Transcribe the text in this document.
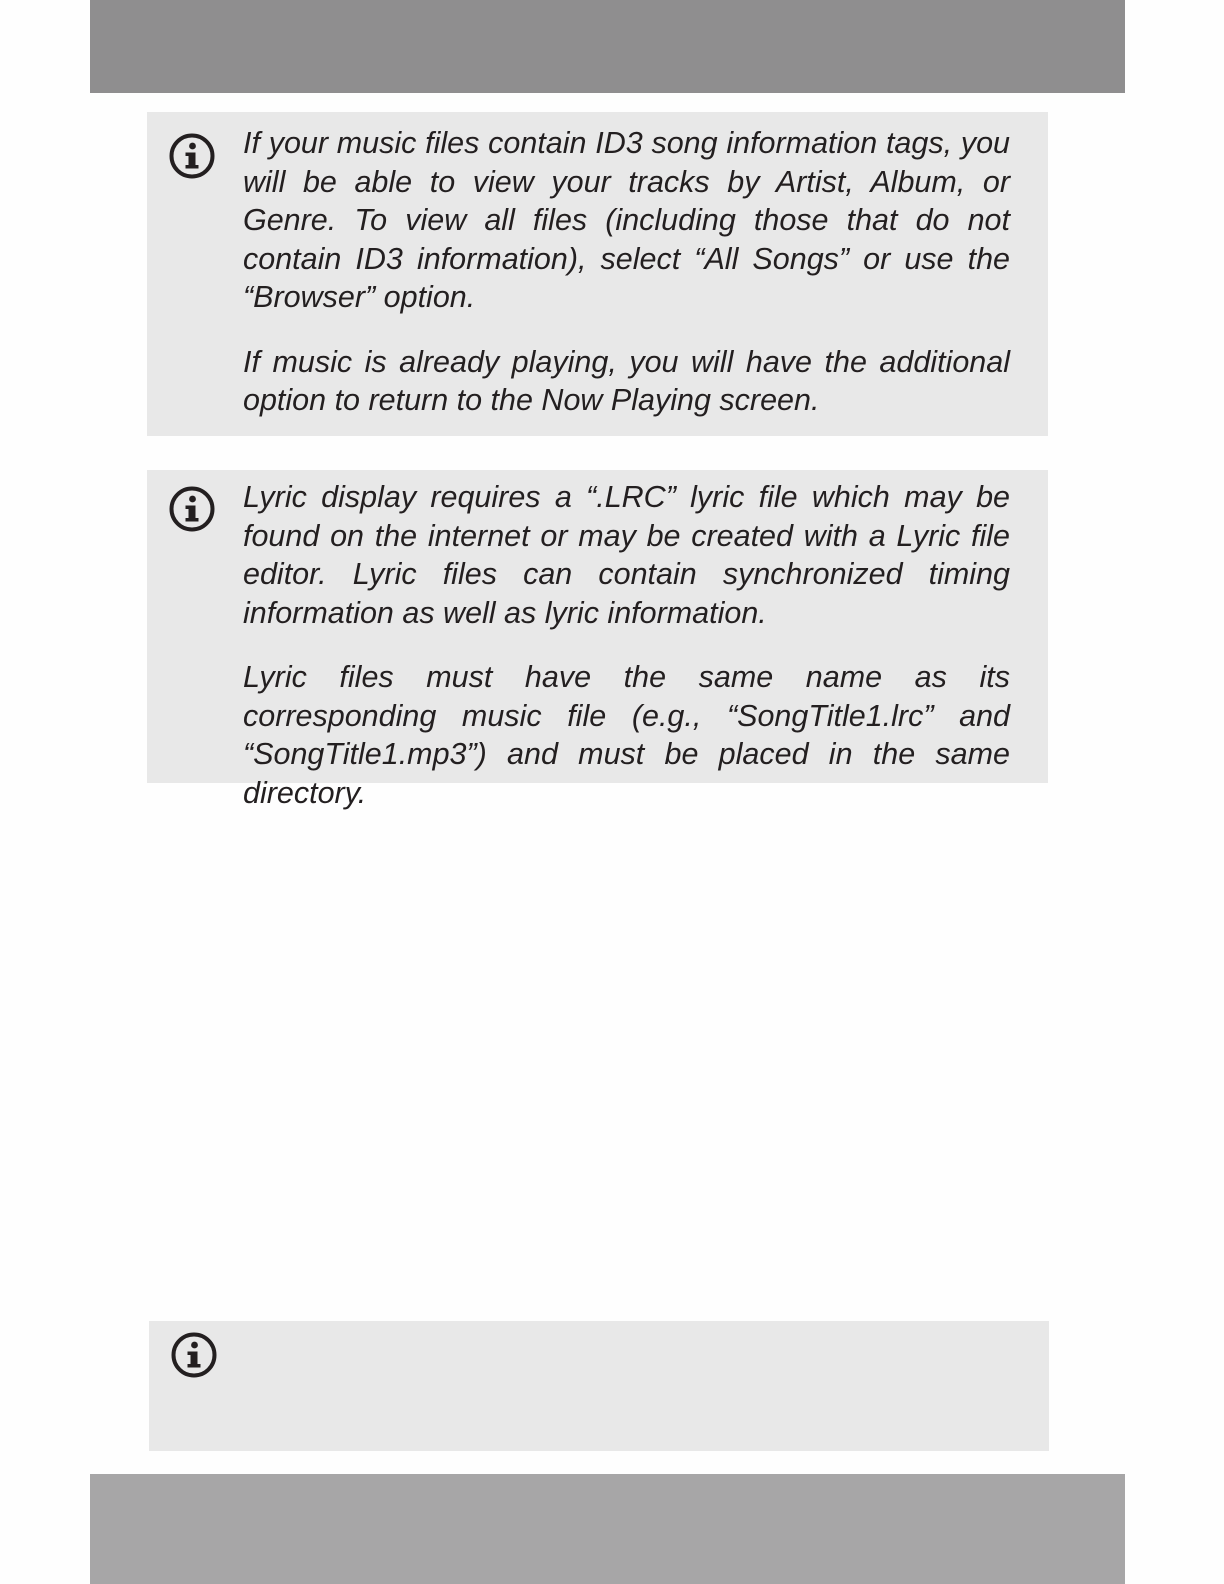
If your music files contain ID3 song information tags, you will be able to view your tracks by Artist, Album, or Genre. To view all files (including those that do not contain ID3 information), select “All Songs” or use the “Browser” option.

If music is already playing, you will have the additional option to return to the Now Playing screen.

Lyric display requires a “.LRC” lyric file which may be found on the internet or may be created with a Lyric file editor. Lyric files can contain synchronized timing information as well as lyric information.

Lyric files must have the same name as its corresponding music file (e.g., “SongTitle1.lrc” and “SongTitle1.mp3”) and must be placed in the same directory.
